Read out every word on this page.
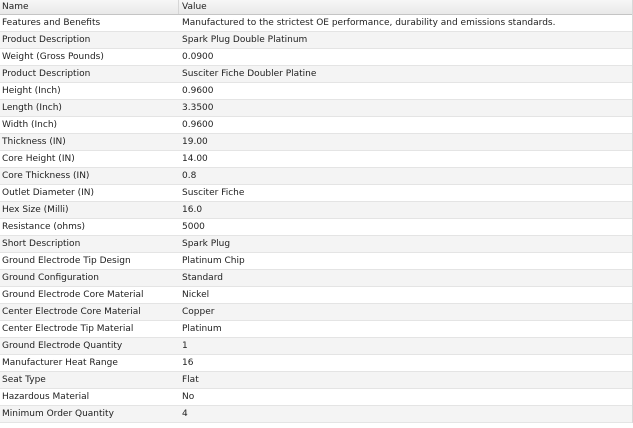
Name	Value
Features and Benefits	Manufactured to the strictest OE performance, durability and emissions standards.
Product Description	Spark Plug Double Platinum
Weight (Gross Pounds)	0.0900
Product Description	Susciter Fiche Doubler Platine
Height (Inch)	0.9600
Length (Inch)	3.3500
Width (Inch)	0.9600
Thickness (IN)	19.00
Core Height (IN)	14.00
Core Thickness (IN)	0.8
Outlet Diameter (IN)	Susciter Fiche
Hex Size (Milli)	16.0
Resistance (ohms)	5000
Short Description	Spark Plug
Ground Electrode Tip Design	Platinum Chip
Ground Configuration	Standard
Ground Electrode Core Material	Nickel
Center Electrode Core Material	Copper
Center Electrode Tip Material	Platinum
Ground Electrode Quantity	1
Manufacturer Heat Range	16
Seat Type	Flat
Hazardous Material	No
Minimum Order Quantity	4
